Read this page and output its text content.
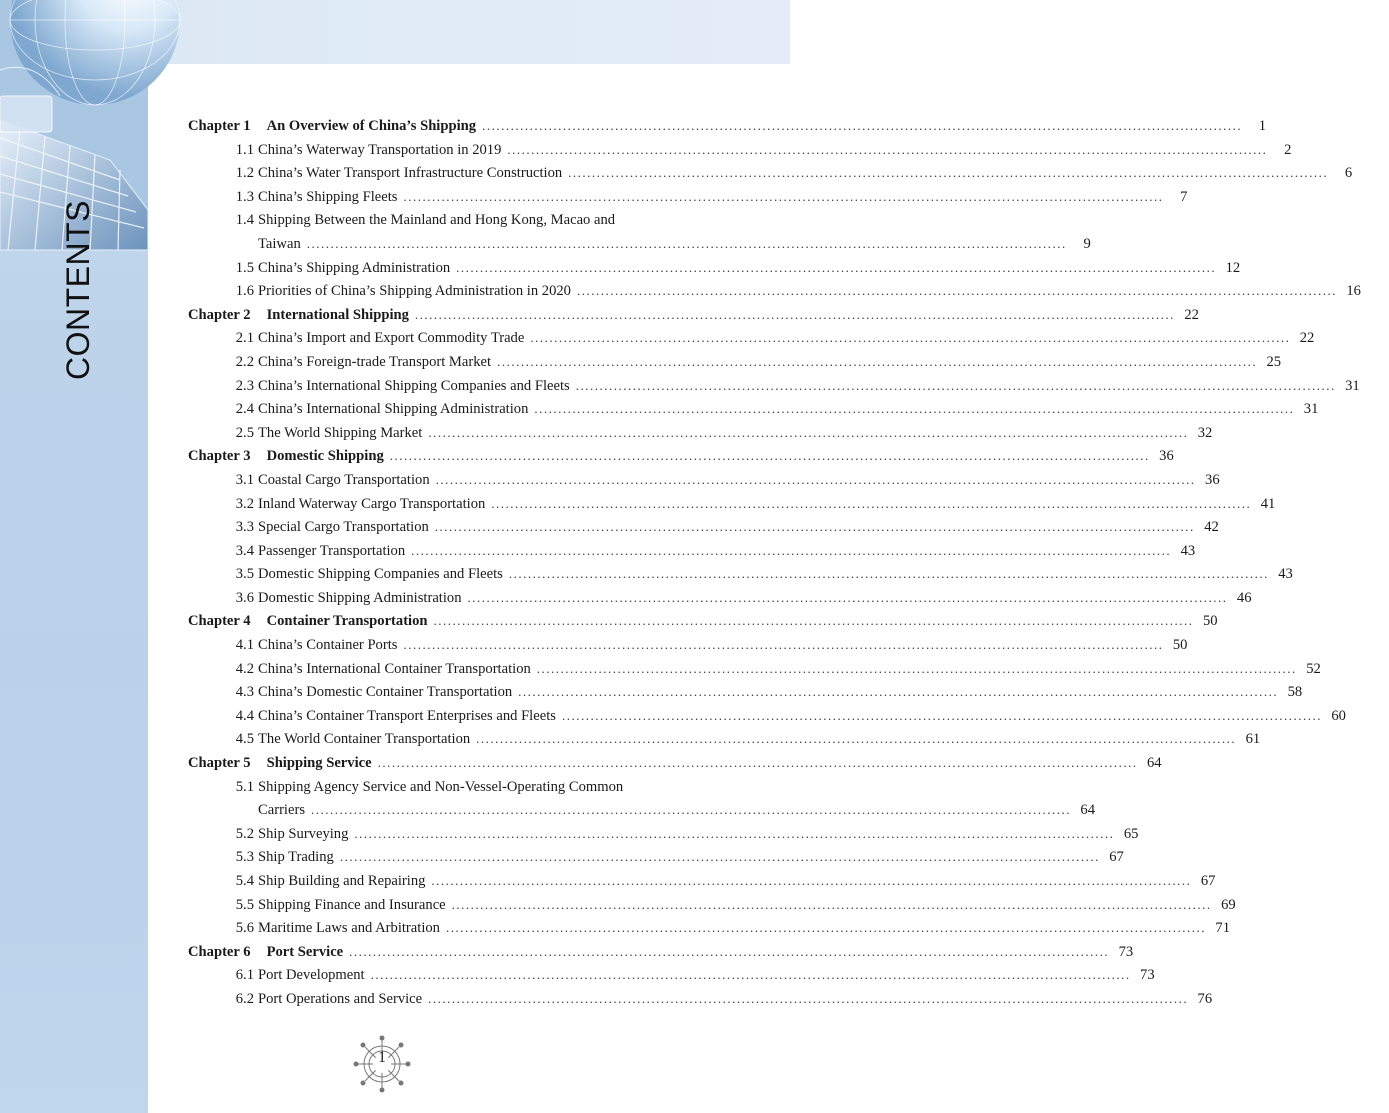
CONTENTS
Chapter 1	An Overview of China’s Shipping ................................................................................................................................................................	1
1.1 China’s Waterway Transportation in 2019 ................................................................................................................................................................	2
1.2 China’s Water Transport Infrastructure Construction ................................................................................................................................................................	6
1.3 China’s Shipping Fleets ................................................................................................................................................................	7
1.4 Shipping Between the Mainland and Hong Kong, Macao and
Taiwan ................................................................................................................................................................	9
1.5 China’s Shipping Administration ................................................................................................................................................................ 12
1.6 Priorities of China’s Shipping Administration in 2020 ................................................................................................................................................................ 16
Chapter 2	International Shipping ................................................................................................................................................................ 22
2.1 China’s Import and Export Commodity Trade ................................................................................................................................................................ 22
2.2 China’s Foreign-trade Transport Market ................................................................................................................................................................ 25
2.3 China’s International Shipping Companies and Fleets ................................................................................................................................................................ 31
2.4 China’s International Shipping Administration ................................................................................................................................................................ 31
2.5 The World Shipping Market ................................................................................................................................................................ 32
Chapter 3	Domestic Shipping ................................................................................................................................................................ 36
3.1 Coastal Cargo Transportation ................................................................................................................................................................ 36
3.2 Inland Waterway Cargo Transportation ................................................................................................................................................................ 41
3.3 Special Cargo Transportation ................................................................................................................................................................ 42
3.4 Passenger Transportation ................................................................................................................................................................ 43
3.5 Domestic Shipping Companies and Fleets ................................................................................................................................................................ 43
3.6 Domestic Shipping Administration ................................................................................................................................................................ 46
Chapter 4	Container Transportation ................................................................................................................................................................ 50
4.1 China’s Container Ports ................................................................................................................................................................ 50
4.2 China’s International Container Transportation ................................................................................................................................................................ 52
4.3 China’s Domestic Container Transportation ................................................................................................................................................................ 58
4.4 China’s Container Transport Enterprises and Fleets ................................................................................................................................................................ 60
4.5 The World Container Transportation ................................................................................................................................................................ 61
Chapter 5	Shipping Service ................................................................................................................................................................ 64
5.1 Shipping Agency Service and Non-Vessel-Operating Common
Carriers ................................................................................................................................................................ 64
5.2 Ship Surveying ................................................................................................................................................................ 65
5.3 Ship Trading ................................................................................................................................................................ 67
5.4 Ship Building and Repairing ................................................................................................................................................................ 67
5.5 Shipping Finance and Insurance ................................................................................................................................................................ 69
5.6 Maritime Laws and Arbitration ................................................................................................................................................................ 71
Chapter 6	Port Service ................................................................................................................................................................ 73
6.1 Port Development ................................................................................................................................................................ 73
6.2 Port Operations and Service ................................................................................................................................................................ 76
1
